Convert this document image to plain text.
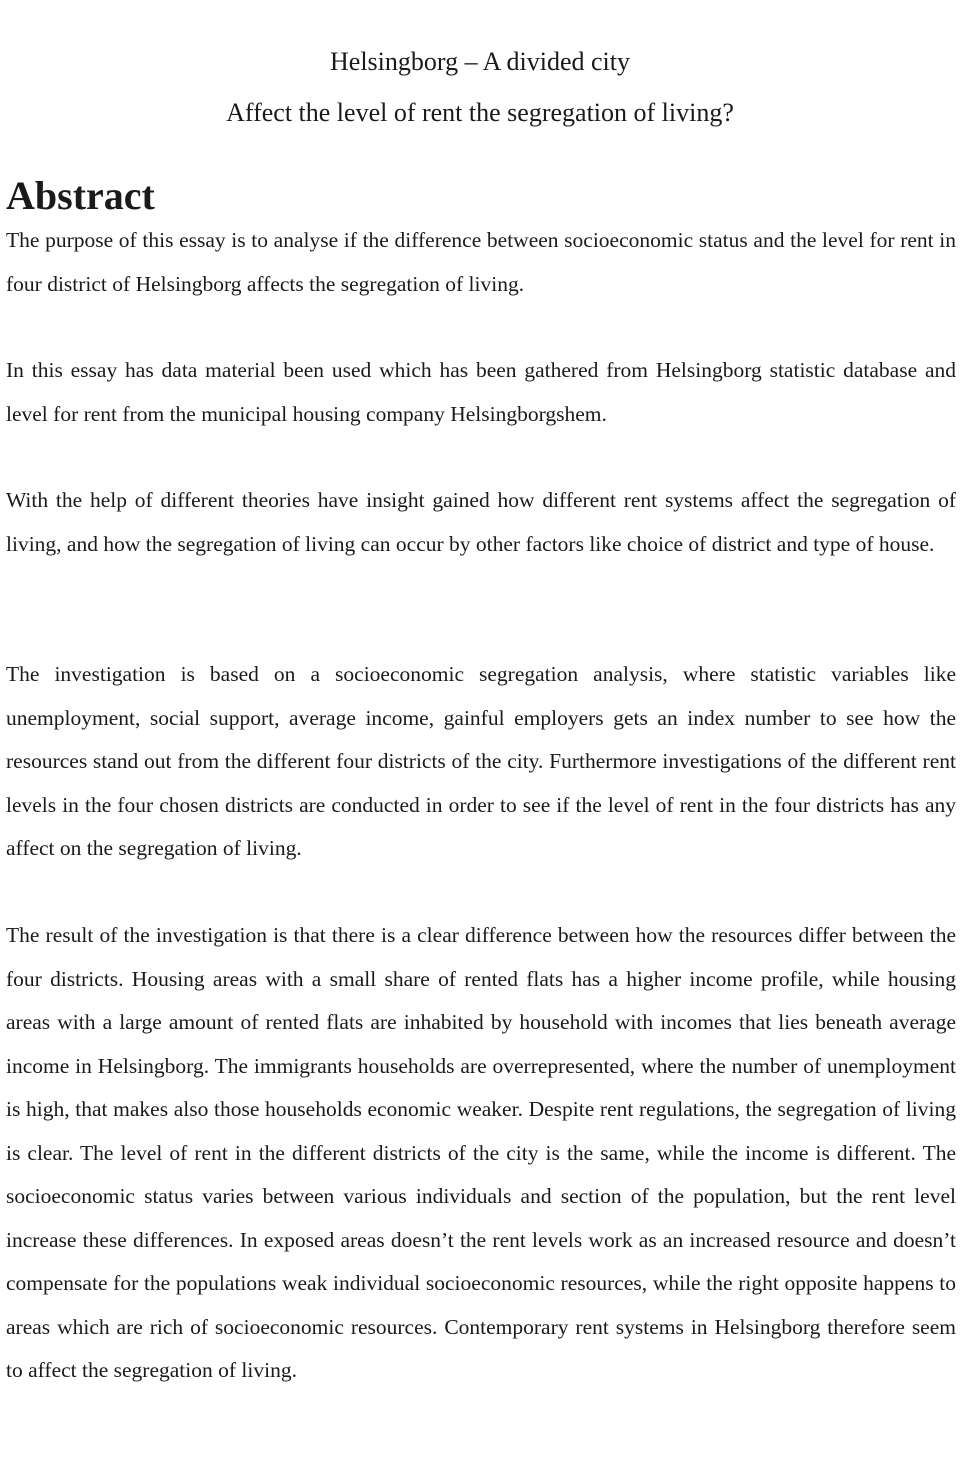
Helsingborg – A divided city
Affect the level of rent the segregation of living?
Abstract

The purpose of this essay is to analyse if the difference between socioeconomic status and the level for rent in four district of Helsingborg affects the segregation of living.

In this essay has data material been used which has been gathered from Helsingborg statistic database and level for rent from the municipal housing company Helsingborgshem.

With the help of different theories have insight gained how different rent systems affect the segregation of living, and how the segregation of living can occur by other factors like choice of district and type of house.

The investigation is based on a socioeconomic segregation analysis, where statistic variables like unemployment, social support, average income, gainful employers gets an index number to see how the resources stand out from the different four districts of the city. Furthermore investigations of the different rent levels in the four chosen districts are conducted in order to see if the level of rent in the four districts has any affect on the segregation of living.

The result of the investigation is that there is a clear difference between how the resources differ between the four districts. Housing areas with a small share of rented flats has a higher income profile, while housing areas with a large amount of rented flats are inhabited by household with incomes that lies beneath average income in Helsingborg. The immigrants households are overrepresented, where the number of unemployment is high, that makes also those households economic weaker. Despite rent regulations, the segregation of living is clear. The level of rent in the different districts of the city is the same, while the income is different. The socioeconomic status varies between various individuals and section of the population, but the rent level increase these differences. In exposed areas doesn’t the rent levels work as an increased resource and doesn’t compensate for the populations weak individual socioeconomic resources, while the right opposite happens to areas which are rich of socioeconomic resources. Contemporary rent systems in Helsingborg therefore seem to affect the segregation of living.
